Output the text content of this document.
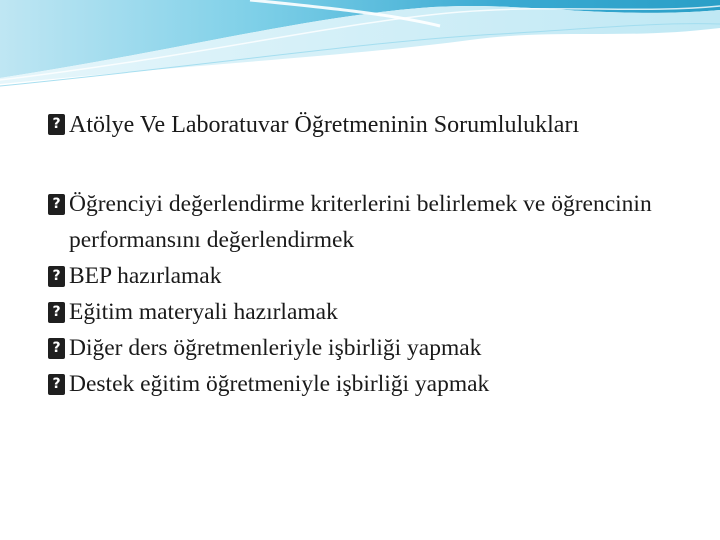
?Atölye Ve Laboratuvar Öğretmeninin Sorumlulukları
?
Öğrenciyi değerlendirme kriterlerini belirlemek ve öğrencinin performansını değerlendirmek
?
BEP hazırlamak
?
Eğitim materyali hazırlamak
?
Diğer ders öğretmenleriyle işbirliği yapmak
?
Destek eğitim öğretmeniyle işbirliği yapmak
